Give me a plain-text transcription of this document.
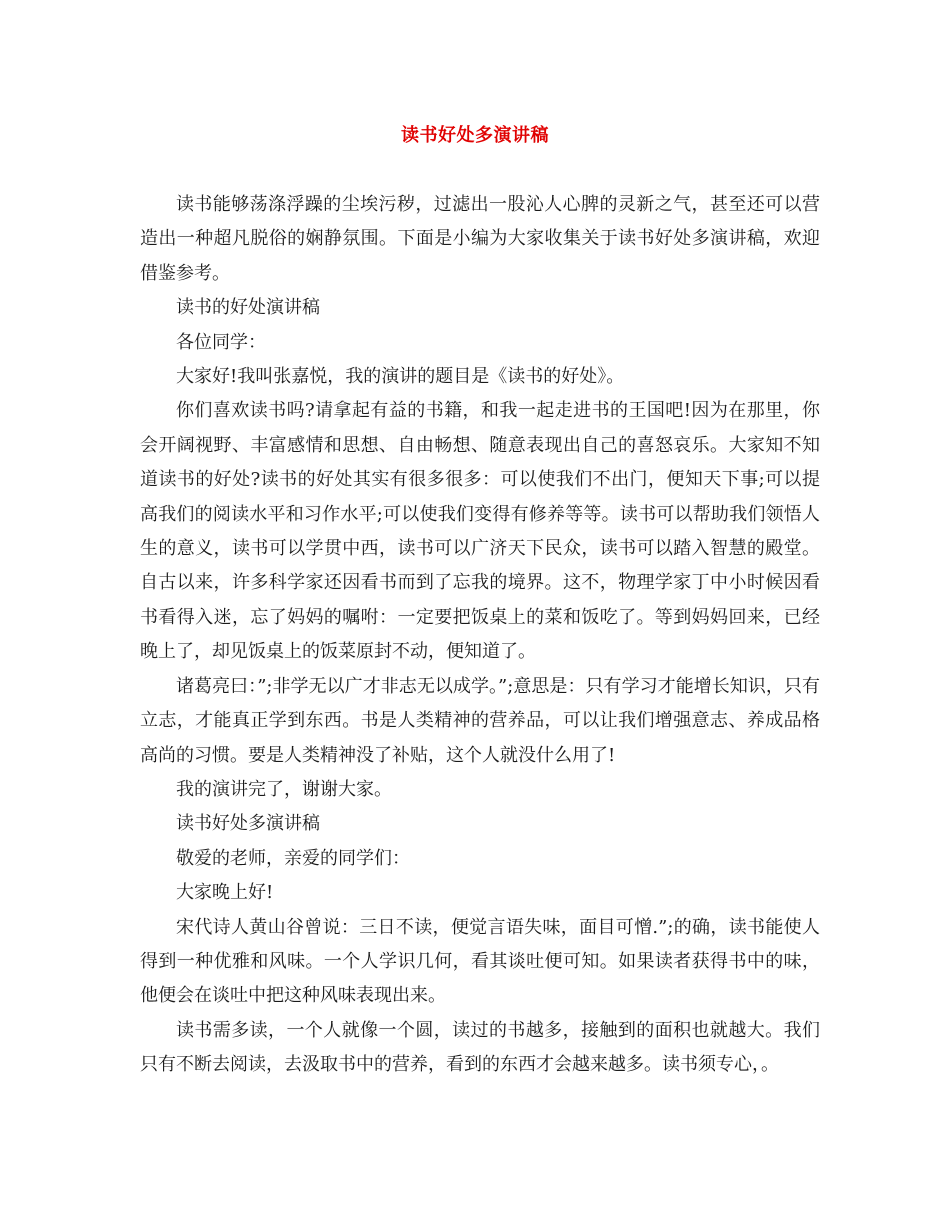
读书好处多演讲稿

读书能够荡涤浮躁的尘埃污秽，过滤出一股沁人心脾的灵新之气，甚至还可以营造出一种超凡脱俗的娴静氛围。下面是小编为大家收集关于读书好处多演讲稿，欢迎借鉴参考。

读书的好处演讲稿

各位同学：

大家好!我叫张嘉悦，我的演讲的题目是《读书的好处》。

你们喜欢读书吗?请拿起有益的书籍，和我一起走进书的王国吧!因为在那里，你会开阔视野、丰富感情和思想、自由畅想、随意表现出自己的喜怒哀乐。大家知不知道读书的好处?读书的好处其实有很多很多：可以使我们不出门，便知天下事;可以提高我们的阅读水平和习作水平;可以使我们变得有修养等等。读书可以帮助我们领悟人生的意义，读书可以学贯中西，读书可以广济天下民众，读书可以踏入智慧的殿堂。自古以来，许多科学家还因看书而到了忘我的境界。这不，物理学家丁中小时候因看书看得入迷，忘了妈妈的嘱咐：一定要把饭桌上的菜和饭吃了。等到妈妈回来，已经晚上了，却见饭桌上的饭菜原封不动，便知道了。

诸葛亮曰：”;非学无以广才非志无以成学。”;意思是：只有学习才能增长知识，只有立志，才能真正学到东西。书是人类精神的营养品，可以让我们增强意志、养成品格高尚的习惯。要是人类精神没了补贴，这个人就没什么用了!

我的演讲完了，谢谢大家。

读书好处多演讲稿

敬爱的老师，亲爱的同学们：

大家晚上好!

宋代诗人黄山谷曾说：三日不读，便觉言语失味，面目可憎.”;的确，读书能使人得到一种优雅和风味。一个人学识几何，看其谈吐便可知。如果读者获得书中的味，他便会在谈吐中把这种风味表现出来。

读书需多读，一个人就像一个圆，读过的书越多，接触到的面积也就越大。我们只有不断去阅读，去汲取书中的营养，看到的东西才会越来越多。读书须专心，。
